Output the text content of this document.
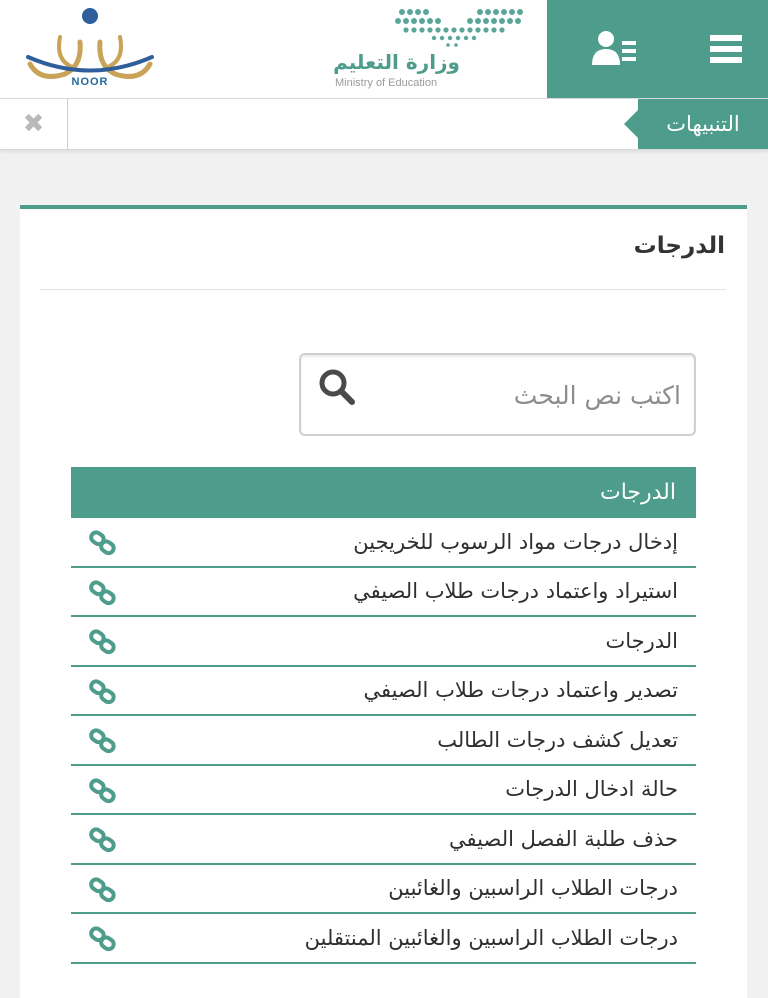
NOOR
وزارة التعليم
Ministry of Education
✖	التنبيهات
الدرجات
اكتب نص البحث
الدرجات
إدخال درجات مواد الرسوب للخريجين
استيراد واعتماد درجات طلاب الصيفي
الدرجات
تصدير واعتماد درجات طلاب الصيفي
تعديل كشف درجات الطالب
حالة ادخال الدرجات
حذف طلبة الفصل الصيفي
درجات الطلاب الراسبين والغائبين
درجات الطلاب الراسبين والغائبين المنتقلين
